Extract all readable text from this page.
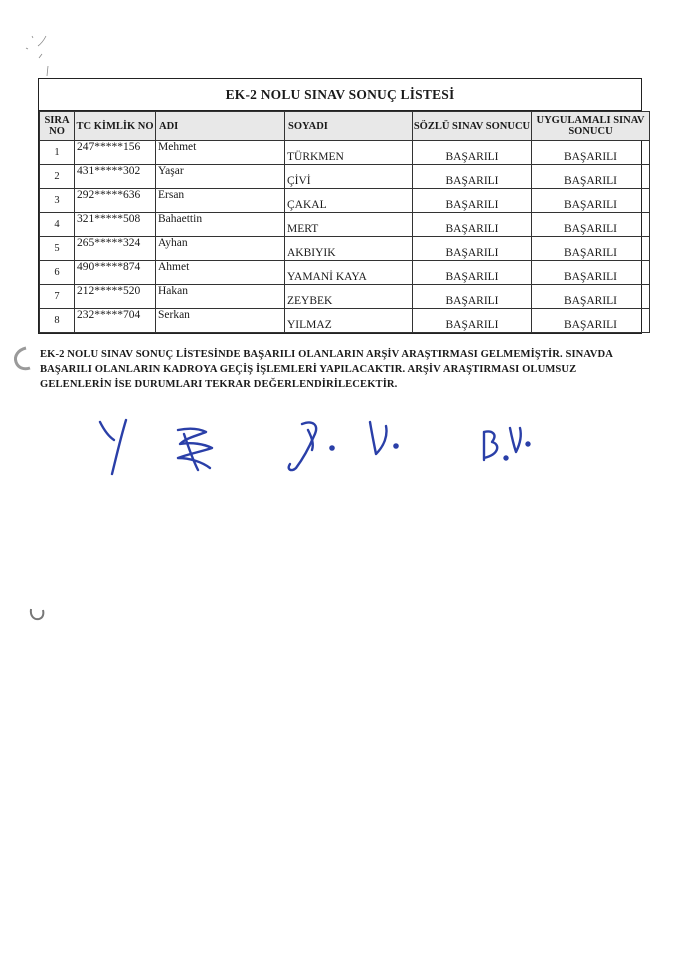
EK-2 NOLU SINAV SONUÇ LİSTESİ
SIRA NO	TC KİMLİK NO	ADI	SOYADI	SÖZLÜ SINAV SONUCU	UYGULAMALI SINAV SONUCU
1	247*****156	Mehmet	TÜRKMEN	BAŞARILI	BAŞARILI
2	431*****302	Yaşar	ÇİVİ	BAŞARILI	BAŞARILI
3	292*****636	Ersan	ÇAKAL	BAŞARILI	BAŞARILI
4	321*****508	Bahaettin	MERT	BAŞARILI	BAŞARILI
5	265*****324	Ayhan	AKBIYIK	BAŞARILI	BAŞARILI
6	490*****874	Ahmet	YAMANİ KAYA	BAŞARILI	BAŞARILI
7	212*****520	Hakan	ZEYBEK	BAŞARILI	BAŞARILI
8	232*****704	Serkan	YILMAZ	BAŞARILI	BAŞARILI
EK-2 NOLU SINAV SONUÇ LİSTESİNDE BAŞARILI OLANLARIN ARŞİV ARAŞTIRMASI GELMEMİŞTİR. SINAVDA
BAŞARILI OLANLARIN KADROYA GEÇİŞ İŞLEMLERİ YAPILACAKTIR. ARŞİV ARAŞTIRMASI OLUMSUZ
GELENLERİN İSE DURUMLARI TEKRAR DEĞERLENDİRİLECEKTİR.
